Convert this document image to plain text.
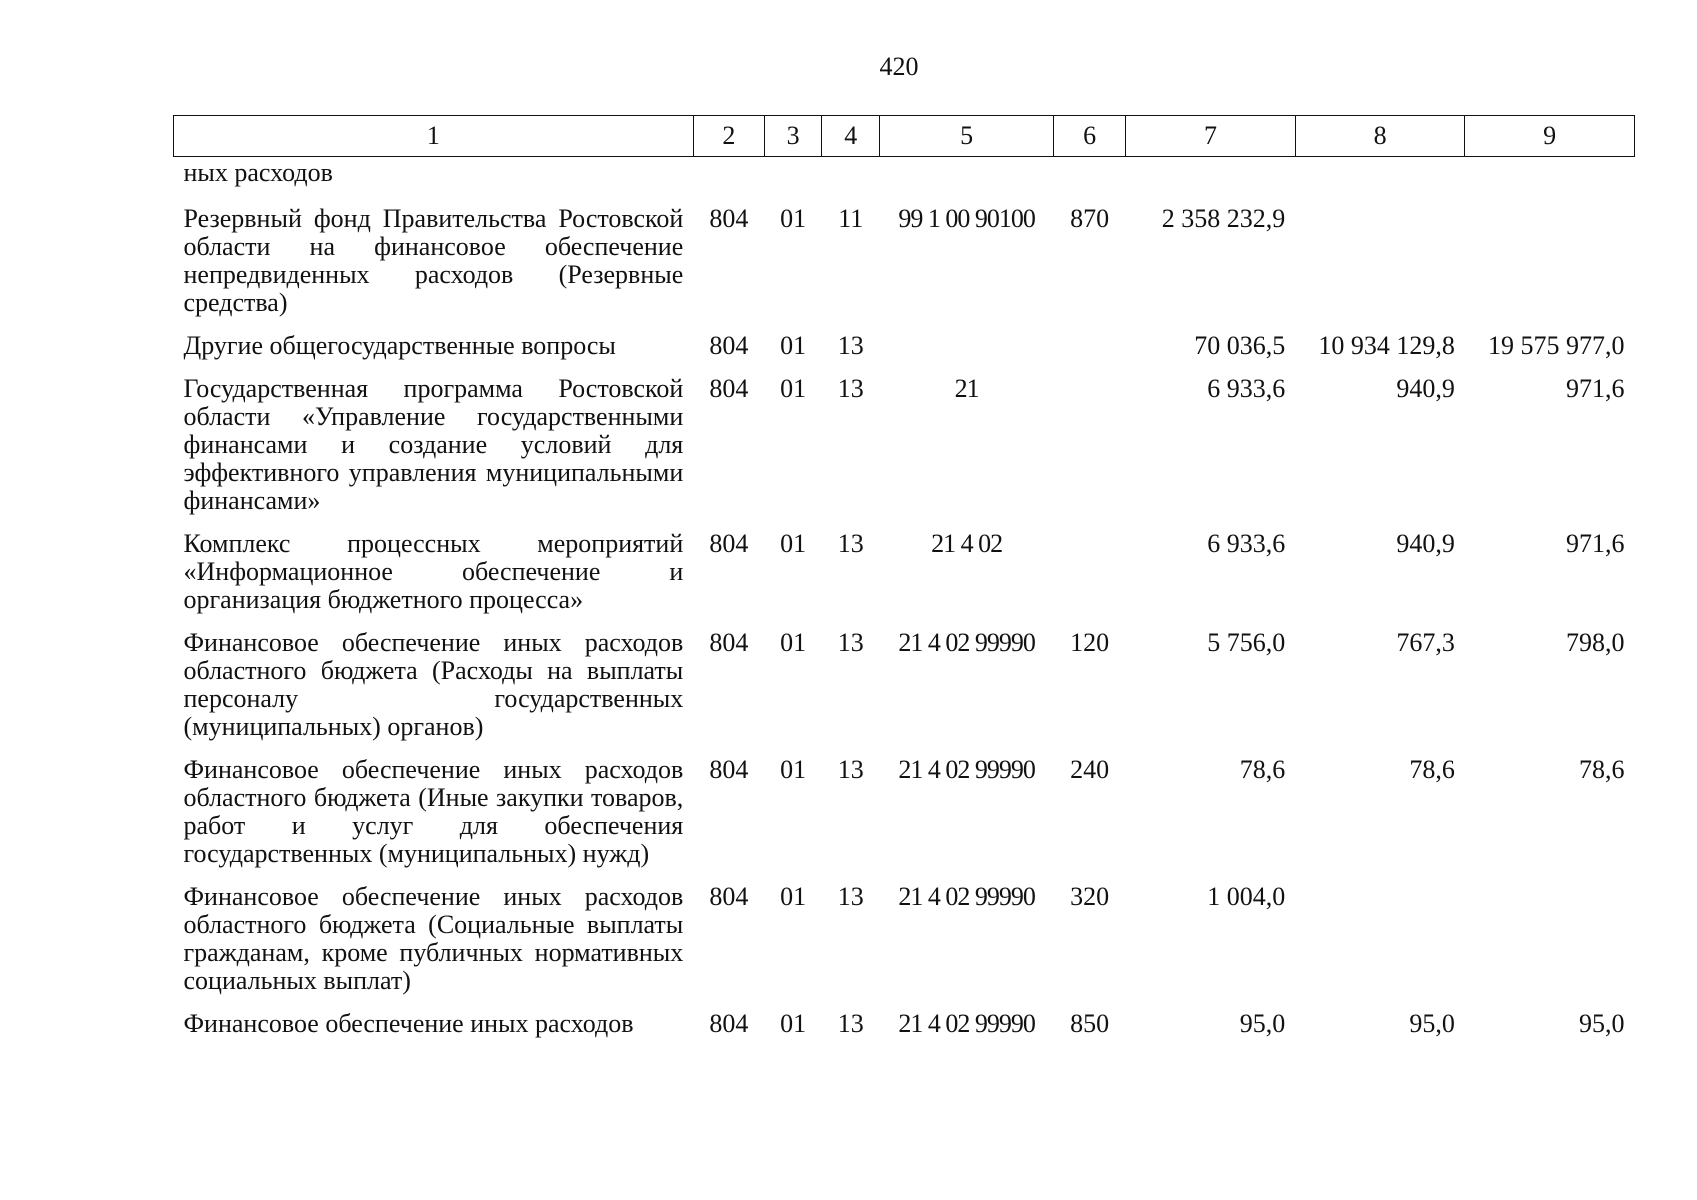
420
1	2	3	4	5	6	7	8	9
ных расходов								
Резервный фонд Правительства Ростовской области на финансовое обеспечение непредвиденных расходов (Резервные средства)	804	01	11	99 1 00 90100	870	2 358 232,9		
Другие общегосударственные вопросы	804	01	13			70 036,5	10 934 129,8	19 575 977,0
Государственная программа Ростовской области «Управление государственными финансами и создание условий для эффективного управления муниципальными финансами»	804	01	13	21		6 933,6	940,9	971,6
Комплекс процессных мероприятий «Информационное обеспечение и организация бюджетного процесса»	804	01	13	21 4 02		6 933,6	940,9	971,6
Финансовое обеспечение иных расходов областного бюджета (Расходы на выплаты персоналу государственных (муниципальных) органов)	804	01	13	21 4 02 99990	120	5 756,0	767,3	798,0
Финансовое обеспечение иных расходов областного бюджета (Иные закупки товаров, работ и услуг для обеспечения государственных (муниципальных) нужд)	804	01	13	21 4 02 99990	240	78,6	78,6	78,6
Финансовое обеспечение иных расходов областного бюджета (Социальные выплаты гражданам, кроме публичных нормативных социальных выплат)	804	01	13	21 4 02 99990	320	1 004,0		
Финансовое обеспечение иных расходов	804	01	13	21 4 02 99990	850	95,0	95,0	95,0
